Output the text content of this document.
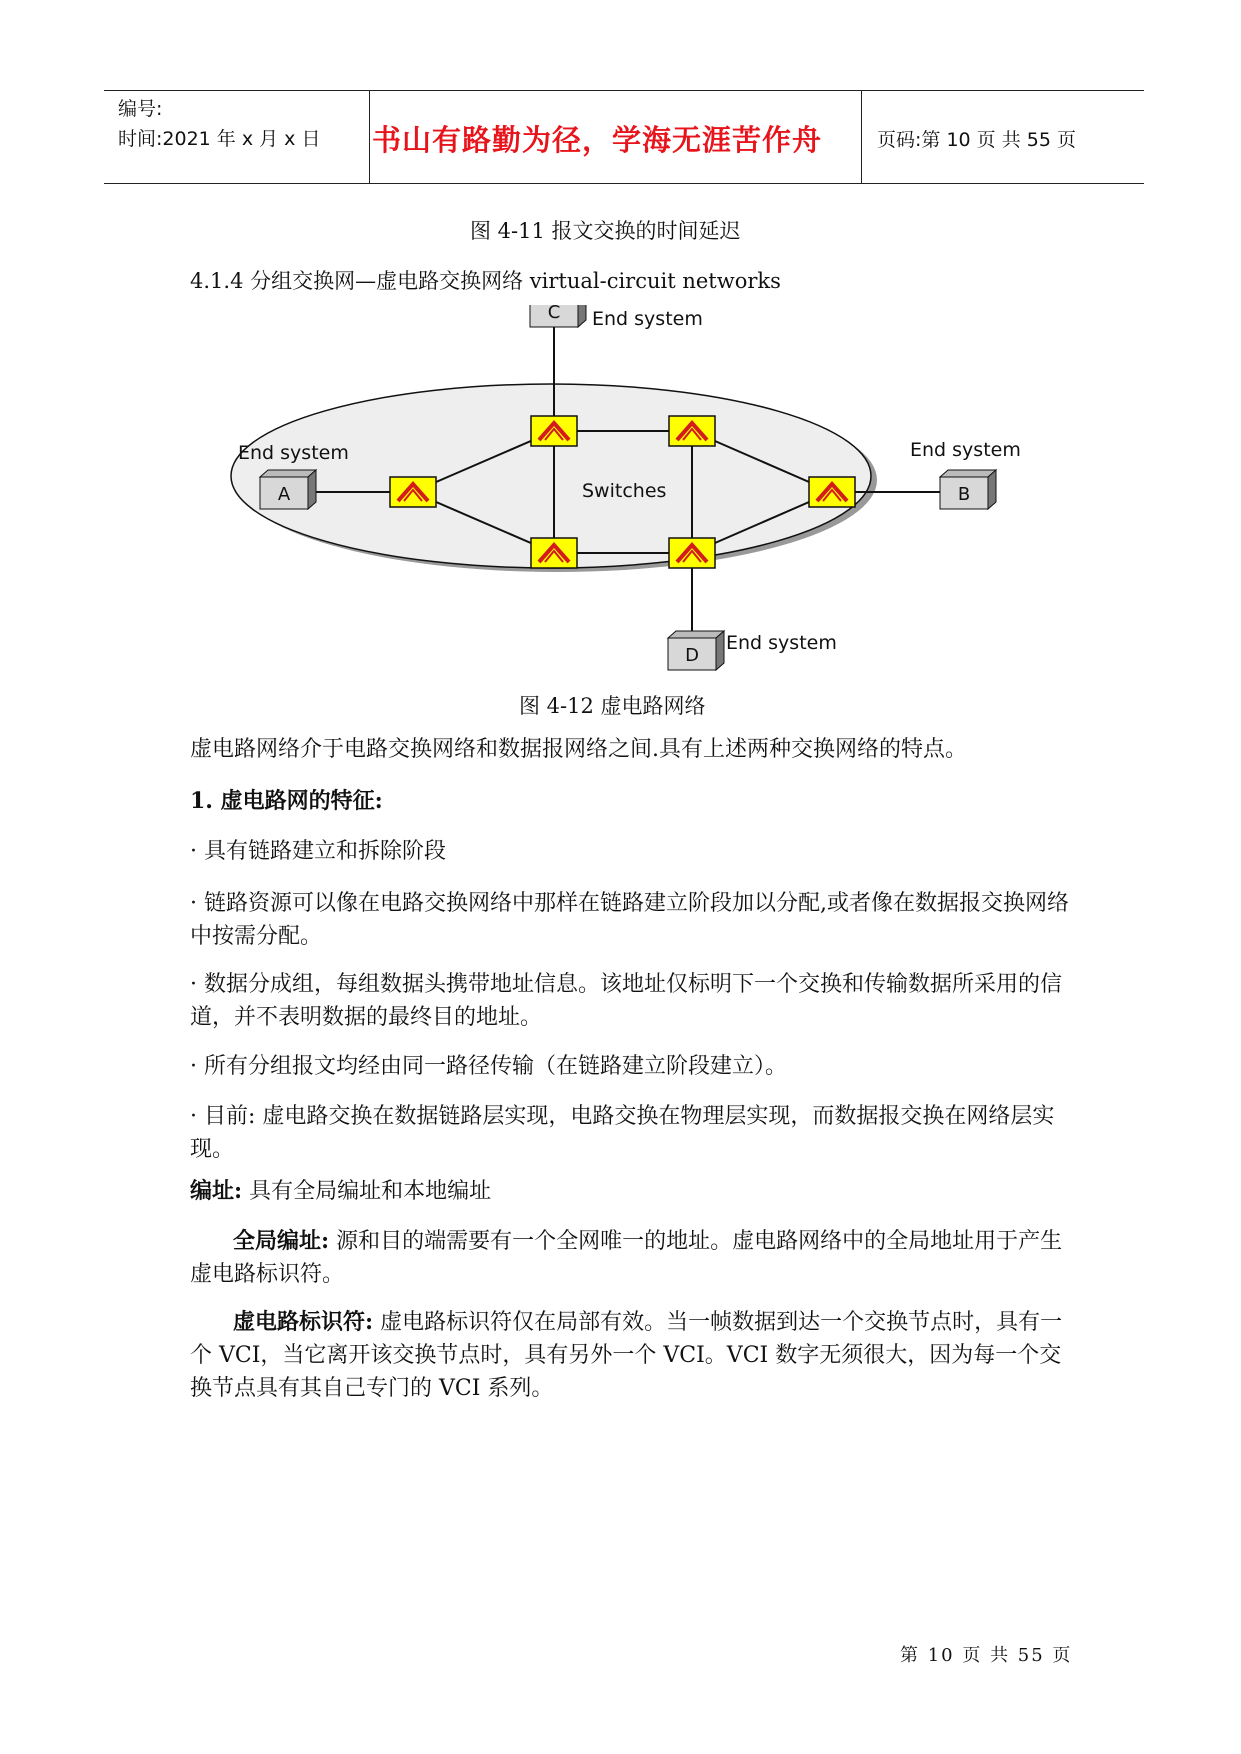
编号:
时间:2021 年 x 月 x 日 书山有路勤为径，学海无涯苦作舟	页码:第 10 页 共 55 页
图 4-11 报文交换的时间延迟
4.1.4 分组交换网—虚电路交换网络 virtual-circuit networks
A	B
C
D
End system
End system	End system
End system
Switches
图 4-12 虚电路网络
虚电路网络介于电路交换网络和数据报网络之间.具有上述两种交换网络的特点。
1. 虚电路网的特征:
· 具有链路建立和拆除阶段
· 链路资源可以像在电路交换网络中那样在链路建立阶段加以分配,或者像在数据报交换网络中按需分配。
· 数据分成组，每组数据头携带地址信息。该地址仅标明下一个交换和传输数据所采用的信道，并不表明数据的最终目的地址。
· 所有分组报文均经由同一路径传输（在链路建立阶段建立）。
· 目前: 虚电路交换在数据链路层实现，电路交换在物理层实现，而数据报交换在网络层实现。
编址: 具有全局编址和本地编址
全局编址: 源和目的端需要有一个全网唯一的地址。虚电路网络中的全局地址用于产生虚电路标识符。
虚电路标识符: 虚电路标识符仅在局部有效。当一帧数据到达一个交换节点时，具有一个 VCI，当它离开该交换节点时，具有另外一个 VCI。VCI 数字无须很大，因为每一个交换节点具有其自己专门的 VCI 系列。
第 10 页 共 55 页
